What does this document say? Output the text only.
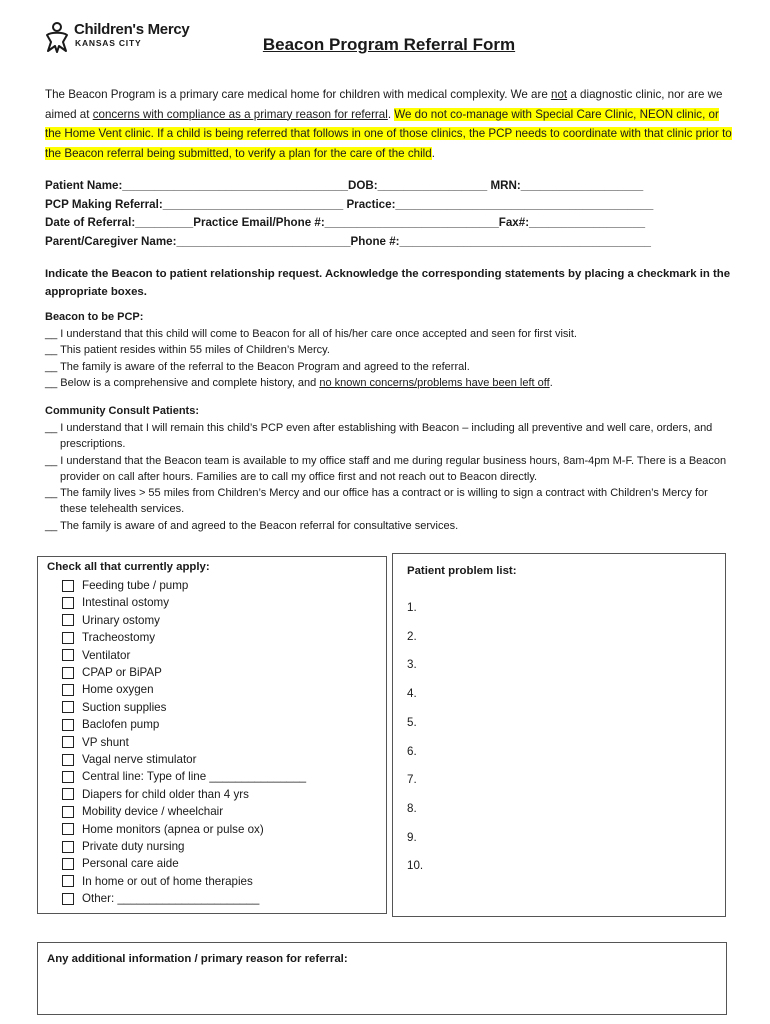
Children's Mercy
KANSAS CITY	Beacon Program Referral Form
The Beacon Program is a primary care medical home for children with medical complexity. We are not a diagnostic clinic, nor are we aimed at concerns with compliance as a primary reason for referral. We do not co-manage with Special Care Clinic, NEON clinic, or the Home Vent clinic. If a child is being referred that follows in one of those clinics, the PCP needs to coordinate with that clinic prior to the Beacon referral being submitted, to verify a plan for the care of the child.
Patient Name:___________________________________DOB:_________________ MRN:___________________
PCP Making Referral:____________________________ Practice:________________________________________
Date of Referral:_________Practice Email/Phone #:___________________________Fax#:__________________
Parent/Caregiver Name:___________________________Phone #:_______________________________________
Indicate the Beacon to patient relationship request. Acknowledge the corresponding statements by placing a checkmark in the appropriate boxes.
Beacon to be PCP:
__ I understand that this child will come to Beacon for all of his/her care once accepted and seen for first visit.
__ This patient resides within 55 miles of Children’s Mercy.
__ The family is aware of the referral to the Beacon Program and agreed to the referral.
__ Below is a comprehensive and complete history, and no known concerns/problems have been left off.
Community Consult Patients:
__ I understand that I will remain this child’s PCP even after establishing with Beacon – including all preventive and well care, orders, and prescriptions.
__ I understand that the Beacon team is available to my office staff and me during regular business hours, 8am-4pm M-F. There is a Beacon provider on call after hours. Families are to call my office first and not reach out to Beacon directly.
__ The family lives > 55 miles from Children’s Mercy and our office has a contract or is willing to sign a contract with Children’s Mercy for these telehealth services.
__ The family is aware of and agreed to the Beacon referral for consultative services.
Check all that currently apply:
Feeding tube / pump
Intestinal ostomy
Urinary ostomy
Tracheostomy
Ventilator
CPAP or BiPAP
Home oxygen
Suction supplies
Baclofen pump
VP shunt
Vagal nerve stimulator
Central line: Type of line _______________
Diapers for child older than 4 yrs
Mobility device / wheelchair
Home monitors (apnea or pulse ox)
Private duty nursing
Personal care aide
In home or out of home therapies
Other: ______________________
Patient problem list:
1.
2.
3.
4.
5.
6.
7.
8.
9.
10.
Any additional information / primary reason for referral:
